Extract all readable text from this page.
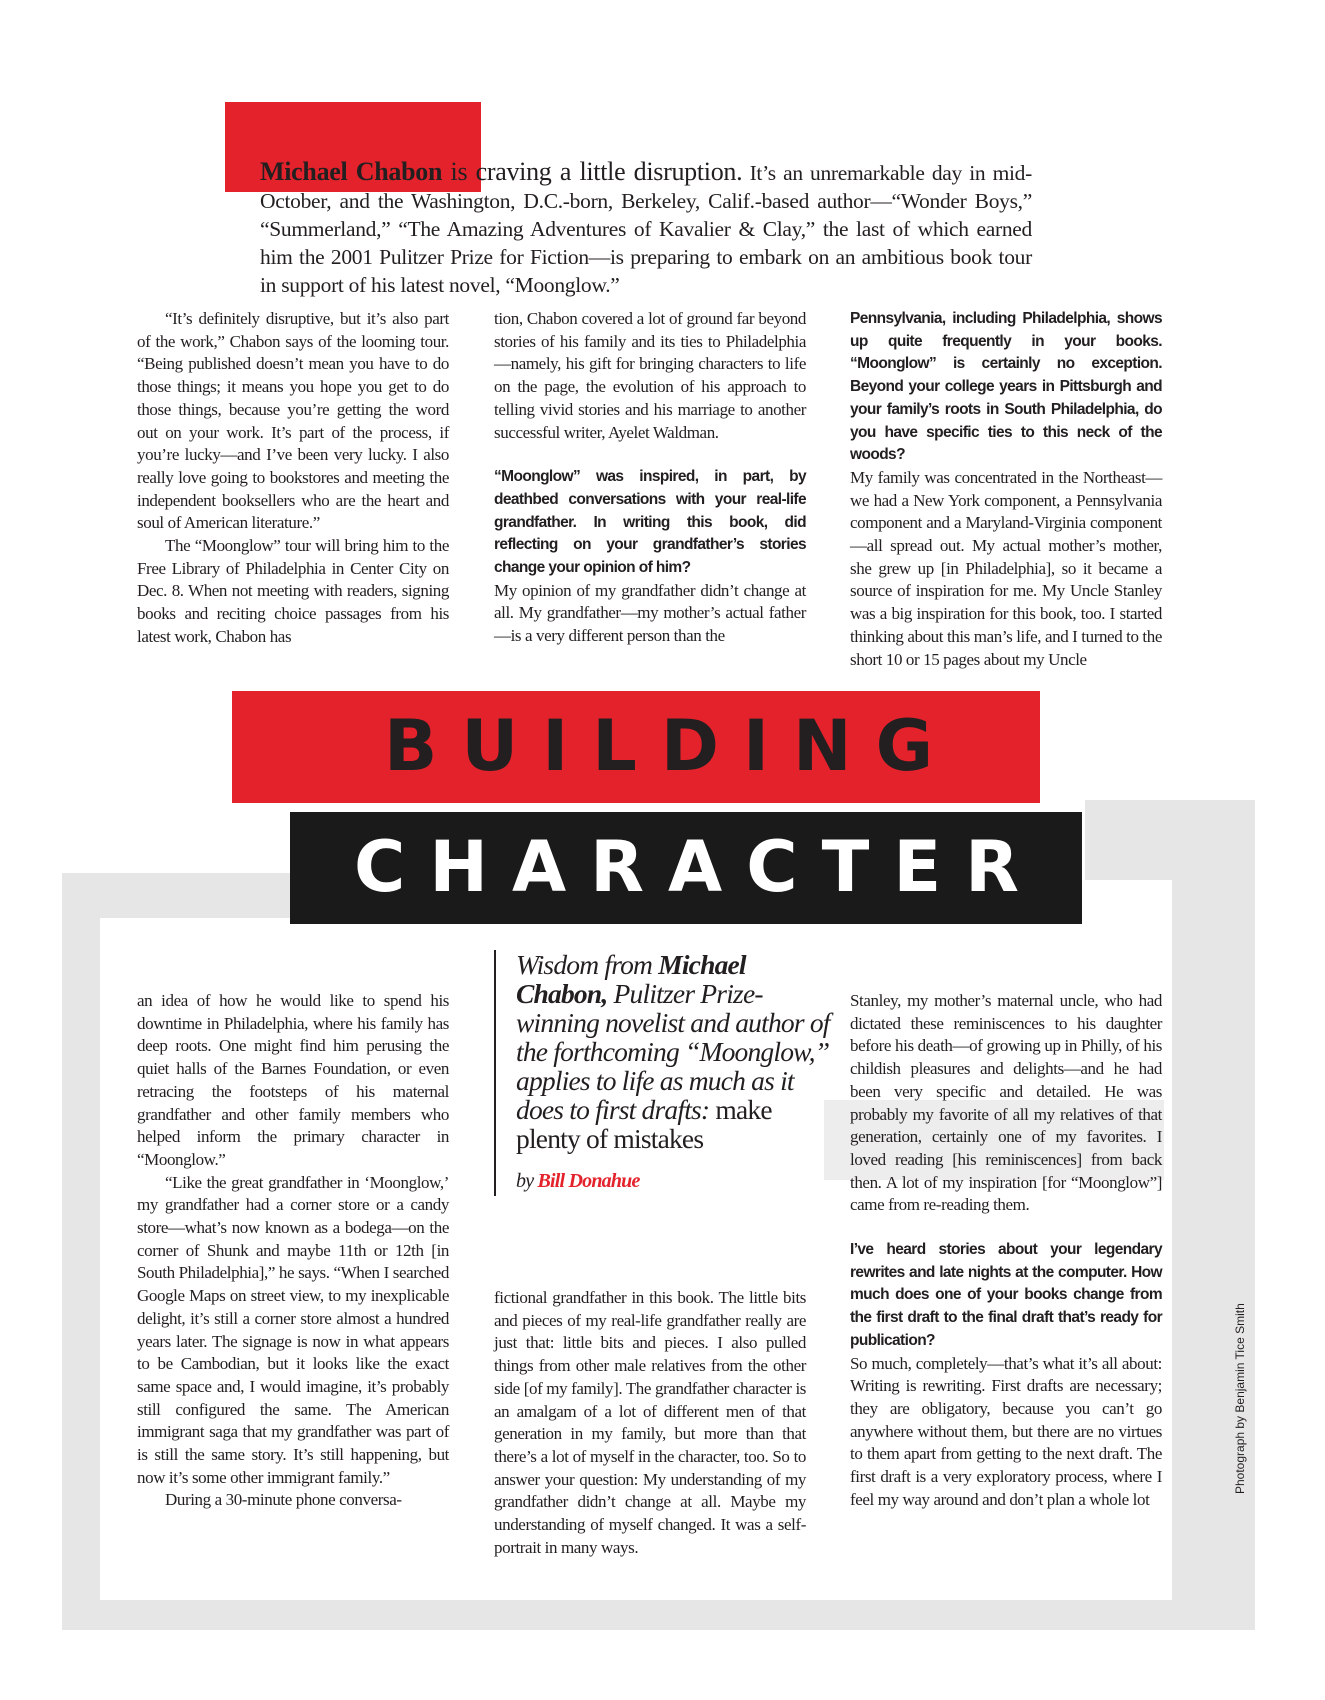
Michael Chabon is craving a little disruption. It’s an unremarkable day in mid-October, and the Washington, D.C.-born, Berkeley, Calif.-based author—“Wonder Boys,” “Summerland,” “The Amazing Adventures of Kavalier & Clay,” the last of which earned him the 2001 Pulitzer Prize for Fiction—is preparing to embark on an ambitious book tour in support of his latest novel, “Moonglow.”

“It’s definitely disruptive, but it’s also part of the work,” Chabon says of the looming tour. “Being published doesn’t mean you have to do those things; it means you hope you get to do those things, because you’re getting the word out on your work. It’s part of the process, if you’re lucky—and I’ve been very lucky. I also really love going to bookstores and meeting the independent booksellers who are the heart and soul of American literature.”

The “Moonglow” tour will bring him to the Free Library of Philadelphia in Center City on Dec. 8. When not meeting with readers, signing books and reciting choice passages from his latest work, Chabon has

tion, Chabon covered a lot of ground far beyond stories of his family and its ties to Philadelphia—namely, his gift for bringing characters to life on the page, the evolution of his approach to telling vivid stories and his marriage to another successful writer, Ayelet Waldman.

“Moonglow” was inspired, in part, by deathbed conversations with your real-life grandfather. In writing this book, did reflecting on your grandfather’s stories change your opinion of him?

My opinion of my grandfather didn’t change at all. My grandfather—my mother’s actual father—is a very different person than the

Pennsylvania, including Philadelphia, shows up quite frequently in your books. “Moonglow” is certainly no exception. Beyond your college years in Pittsburgh and your family’s roots in South Philadelphia, do you have specific ties to this neck of the woods?

My family was concentrated in the Northeast—we had a New York component, a Pennsylvania component and a Maryland-Virginia component—all spread out. My actual mother’s mother, she grew up [in Philadelphia], so it became a source of inspiration for me. My Uncle Stanley was a big inspiration for this book, too. I started thinking about this man’s life, and I turned to the short 10 or 15 pages about my Uncle

BUILDING
CHARACTER
Wisdom from Michael Chabon, Pulitzer Prize-winning novelist and author of the forthcoming “Moonglow,” applies to life as much as it does to first drafts: make plenty of mistakes
by Bill Donahue

an idea of how he would like to spend his downtime in Philadelphia, where his family has deep roots. One might find him perusing the quiet halls of the Barnes Foundation, or even retracing the footsteps of his maternal grandfather and other family members who helped inform the primary character in “Moonglow.”

“Like the great grandfather in ‘Moonglow,’ my grandfather had a corner store or a candy store—what’s now known as a bodega—on the corner of Shunk and maybe 11th or 12th [in South Philadelphia],” he says. “When I searched Google Maps on street view, to my inexplicable delight, it’s still a corner store almost a hundred years later. The signage is now in what appears to be Cambodian, but it looks like the exact same space and, I would imagine, it’s probably still configured the same. The American immigrant saga that my grandfather was part of is still the same story. It’s still happening, but now it’s some other immigrant family.”

During a 30-minute phone conversa-

fictional grandfather in this book. The little bits and pieces of my real-life grandfather really are just that: little bits and pieces. I also pulled things from other male relatives from the other side [of my family]. The grandfather character is an amalgam of a lot of different men of that generation in my family, but more than that there’s a lot of myself in the character, too. So to answer your question: My understanding of my grandfather didn’t change at all. Maybe my understanding of myself changed. It was a self-portrait in many ways.

Stanley, my mother’s maternal uncle, who had dictated these reminiscences to his daughter before his death—of growing up in Philly, of his childish pleasures and delights—and he had been very specific and detailed. He was probably my favorite of all my relatives of that generation, certainly one of my favorites. I loved reading [his reminiscences] from back then. A lot of my inspiration [for “Moonglow”] came from re-reading them.

I’ve heard stories about your legendary rewrites and late nights at the computer. How much does one of your books change from the first draft to the final draft that’s ready for publication?

So much, completely—that’s what it’s all about: Writing is rewriting. First drafts are necessary; they are obligatory, because you can’t go anywhere without them, but there are no virtues to them apart from getting to the next draft. The first draft is a very exploratory process, where I feel my way around and don’t plan a whole lot

Photograph by Benjamin Tice Smith
